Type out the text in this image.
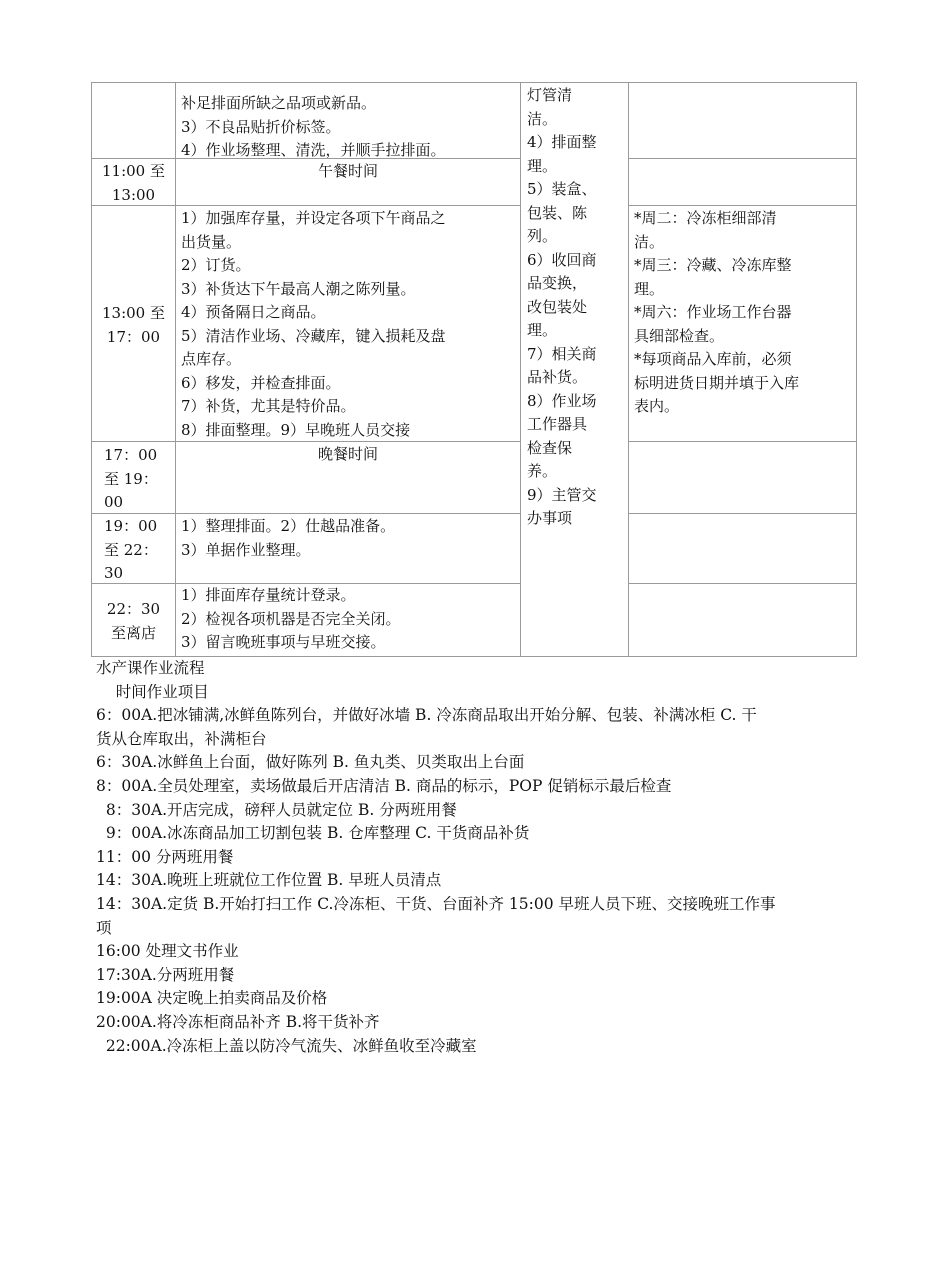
补足排面所缺之品项或新品。
3）不良品贴折价标签。
4）作业场整理、清洗，并顺手拉排面。
11:00 至
13:00
午餐时间
13:00 至
17：00
1）加强库存量，并设定各项下午商品之
出货量。
2）订货。
3）补货达下午最高人潮之陈列量。
4）预备隔日之商品。
5）清洁作业场、冷藏库，键入损耗及盘
点库存。
6）移发，并检查排面。
7）补货，尤其是特价品。
8）排面整理。9）早晚班人员交接
*周二：冷冻柜细部清
洁。
*周三：冷藏、冷冻库整
理。
*周六：作业场工作台器
具细部检查。
*每项商品入库前，必须
标明进货日期并填于入库
表内。
17：00
至 19：
00
晚餐时间
19：00
至 22：
30
1）整理排面。2）仕越品准备。
3）单据作业整理。
22：30
至离店
1）排面库存量统计登录。
2）检视各项机器是否完全关闭。
3）留言晚班事项与早班交接。
灯管清
洁。
4）排面整
理。
5）装盒、
包装、陈
列。
6）收回商
品变换，
改包装处
理。
7）相关商
品补货。
8）作业场
工作器具
检查保
养。
9）主管交
办事项
水产课作业流程
时间作业项目
6：00A.把冰铺满,冰鲜鱼陈列台，并做好冰墙 B. 冷冻商品取出开始分解、包装、补满冰柜 C. 干
货从仓库取出，补满柜台
6：30A.冰鲜鱼上台面，做好陈列 B. 鱼丸类、贝类取出上台面
8：00A.全员处理室，卖场做最后开店清洁 B. 商品的标示，POP 促销标示最后检查
8：30A.开店完成，磅秤人员就定位 B. 分两班用餐
9：00A.冰冻商品加工切割包装 B. 仓库整理 C. 干货商品补货
11：00 分两班用餐
14：30A.晚班上班就位工作位置 B. 早班人员清点
14：30A.定货 B.开始打扫工作 C.冷冻柜、干货、台面补齐 15:00 早班人员下班、交接晚班工作事
项
16:00 处理文书作业
17:30A.分两班用餐
19:00A 决定晚上拍卖商品及价格
20:00A.将冷冻柜商品补齐 B.将干货补齐
22:00A.冷冻柜上盖以防冷气流失、冰鲜鱼收至冷藏室
